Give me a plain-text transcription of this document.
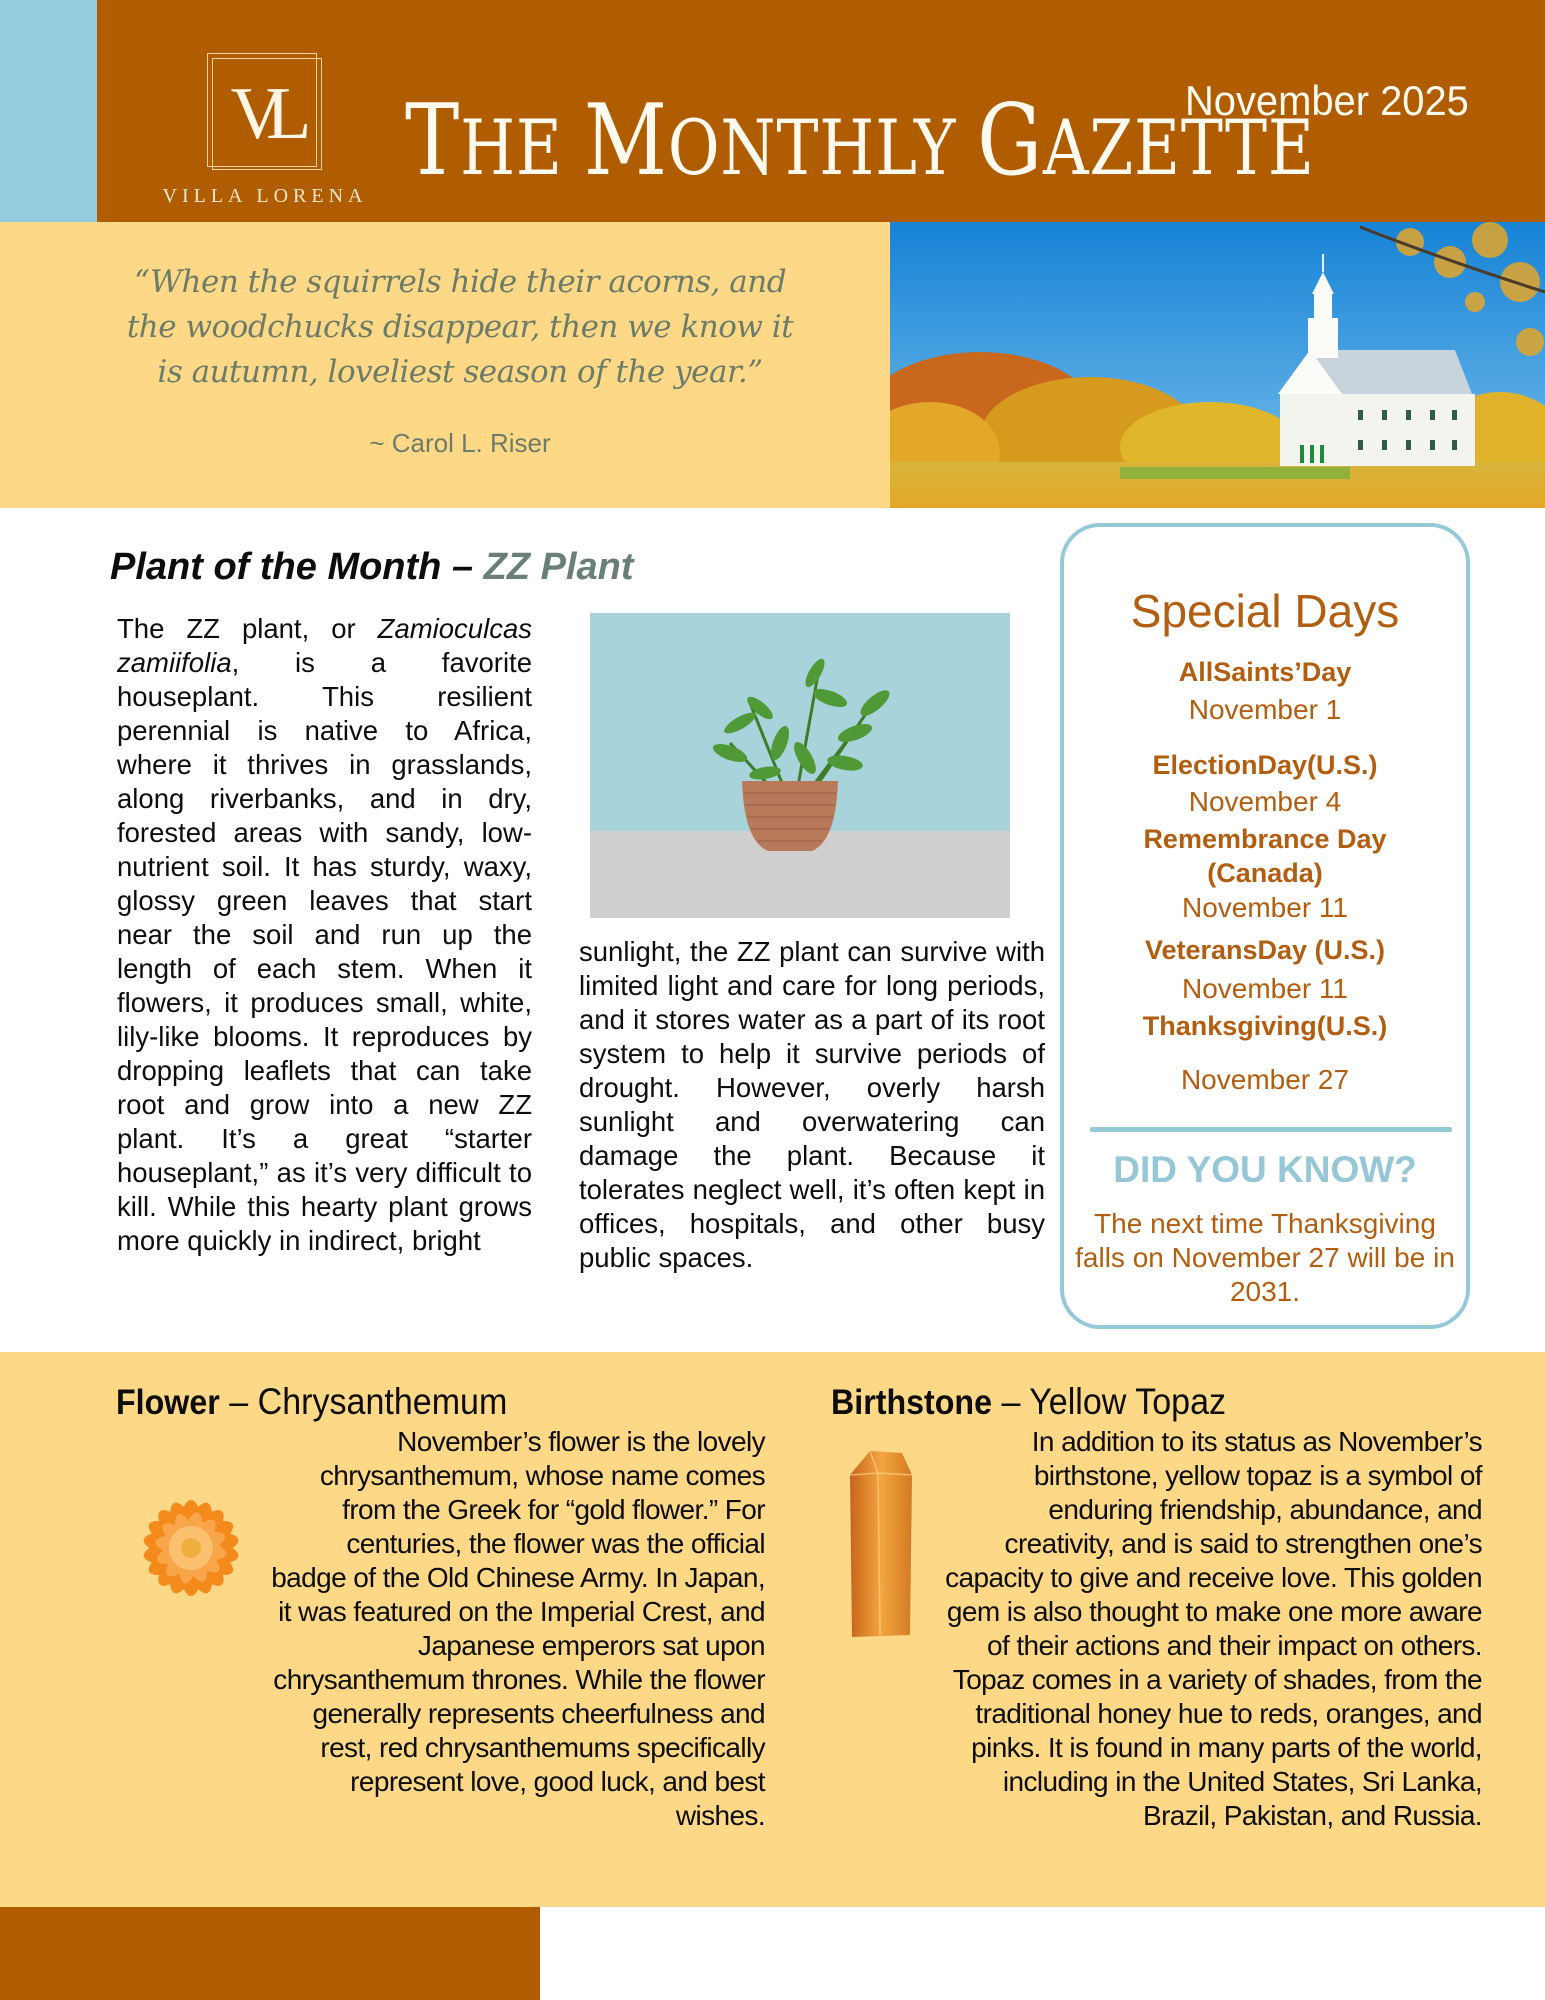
VL
VILLA LORENA THE MONTHLY GAZETTE
November 2025
“When the squirrels hide their acorns, and the woodchucks disappear, then we know it is autumn, loveliest season of the year.”
~ Carol L. Riser
Plant of the Month – ZZ Plant

The ZZ plant, or Zamioculcas zamiifolia, is a favorite houseplant. This resilient perennial is native to Africa, where it thrives in grasslands, along riverbanks, and in dry, forested areas with sandy, low-nutrient soil. It has sturdy, waxy, glossy green leaves that start near the soil and run up the length of each stem. When it flowers, it produces small, white, lily-like blooms. It reproduces by dropping leaflets that can take root and grow into a new ZZ plant. It’s a great “starter houseplant,” as it’s very difficult to kill. While this hearty plant grows more quickly in indirect, bright

sunlight, the ZZ plant can survive with limited light and care for long periods, and it stores water as a part of its root system to help it survive periods of drought. However, overly harsh sunlight and overwatering can damage the plant. Because it tolerates neglect well, it’s often kept in offices, hospitals, and other busy public spaces.

Special Days
AllSaints’Day
November 1
ElectionDay(U.S.)
November 4
Remembrance Day (Canada)
November 11
VeteransDay (U.S.)
November 11
Thanksgiving(U.S.)
November 27
DID YOU KNOW?
The next time Thanksgiving falls on November 27 will be in 2031.
Flower – Chrysanthemum

November’s flower is the lovely chrysanthemum, whose name comes from the Greek for “gold flower.” For centuries, the flower was the official badge of the Old Chinese Army. In Japan, it was featured on the Imperial Crest, and Japanese emperors sat upon chrysanthemum thrones. While the flower generally represents cheerfulness and rest, red chrysanthemums specifically represent love, good luck, and best wishes.

Birthstone – Yellow Topaz

In addition to its status as November’s birthstone, yellow topaz is a symbol of enduring friendship, abundance, and creativity, and is said to strengthen one’s capacity to give and receive love. This golden gem is also thought to make one more aware of their actions and their impact on others. Topaz comes in a variety of shades, from the traditional honey hue to reds, oranges, and pinks. It is found in many parts of the world, including in the United States, Sri Lanka, Brazil, Pakistan, and Russia.
